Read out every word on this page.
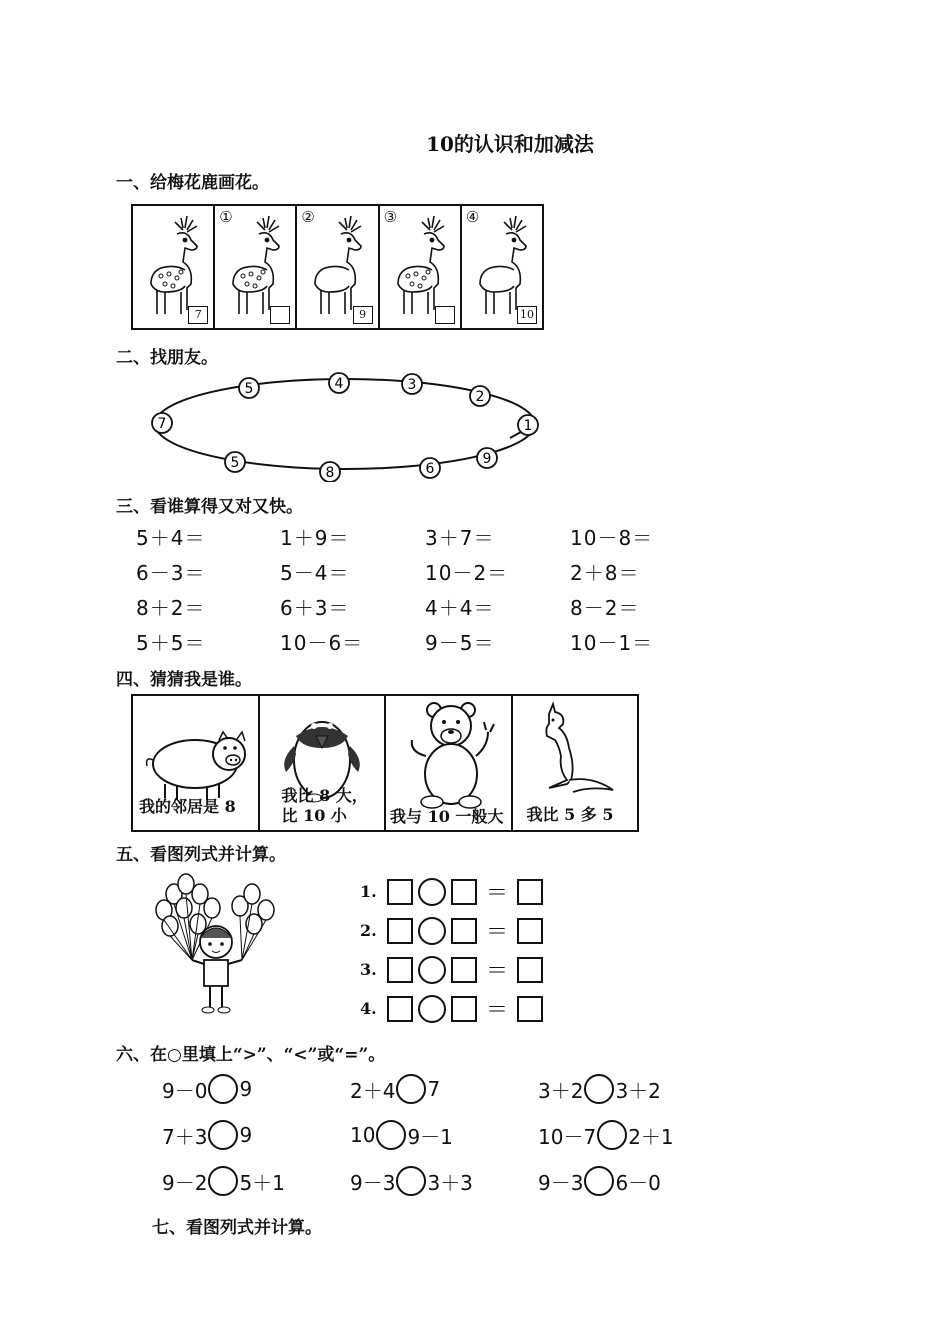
10的认识和加减法
一、给梅花鹿画花。
7
①	②
9
③	④
10
二、找朋友。
5	4	3
2
1
7
5
8	6
9
三、看谁算得又对又快。
5＋4＝	1＋9＝	3＋7＝	10－8＝
6－3＝	5－4＝	10－2＝	2＋8＝
8＋2＝	6＋3＝	4＋4＝	8－2＝
5＋5＝	10－6＝	9－5＝	10－1＝
四、猜猜我是谁。
我的邻居是 8
我比 8 大，比 10 小	我与 10 一般大 我比 5 多 5
五、看图列式并计算。
1.	＝
2.	＝
3.	＝
4.	＝
六、在○里填上“>”、“<”或“=”。
9－0 9	2＋4 7	3＋2 3＋2
7＋3 9	10 9－1	10－7 2＋1
9－2 5＋1	9－3 3＋3	9－3 6－0
七、看图列式并计算。
